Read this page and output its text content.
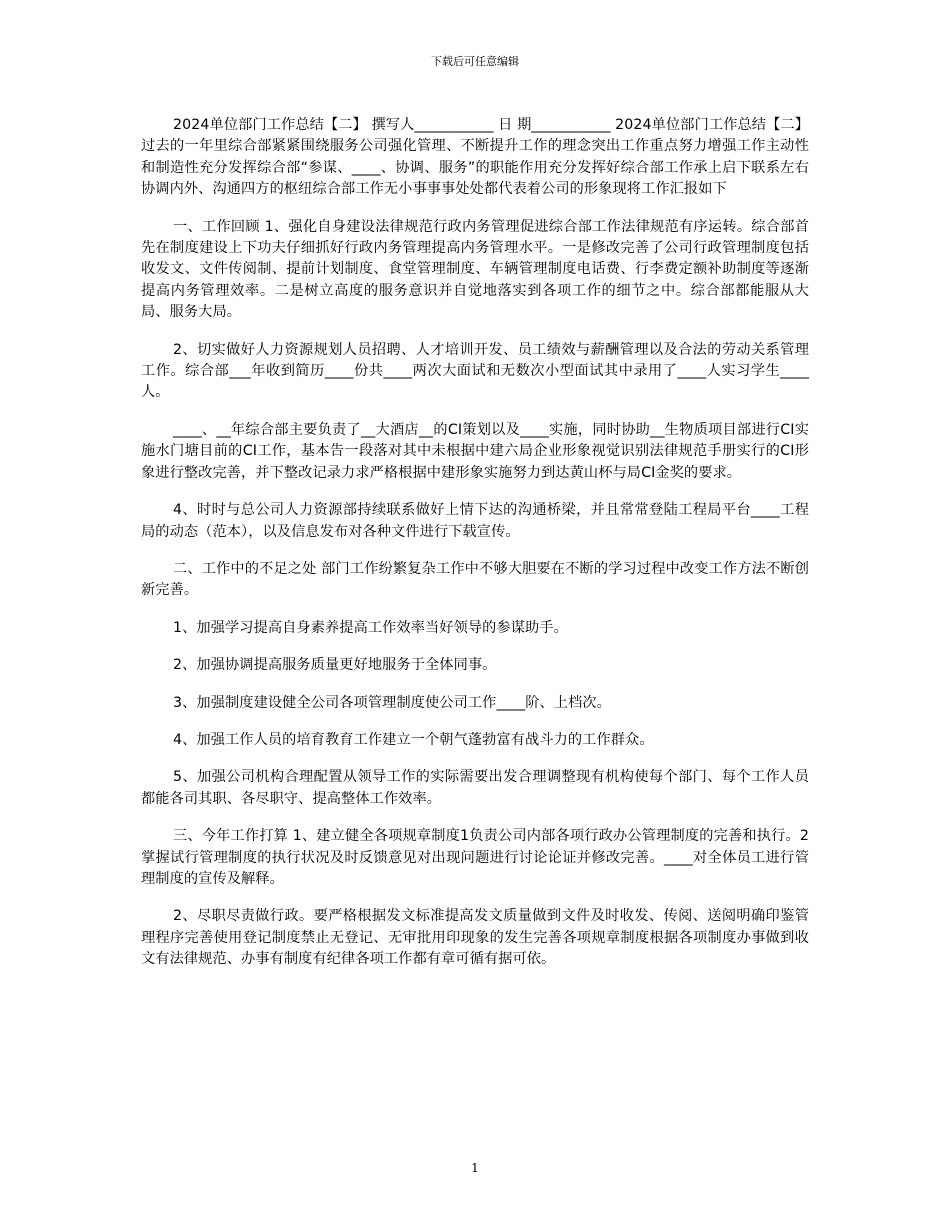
下载后可任意编辑

2024单位部门工作总结【二】 撰写人___________ 日 期___________ 2024单位部门工作总结【二】 过去的一年里综合部紧紧围绕服务公司强化管理、不断提升工作的理念突出工作重点努力增强工作主动性和制造性充分发挥综合部“参谋、____、协调、服务”的职能作用充分发挥好综合部工作承上启下联系左右协调内外、沟通四方的枢纽综合部工作无小事事事处处都代表着公司的形象现将工作汇报如下

一、工作回顾 1、强化自身建设法律规范行政内务管理促进综合部工作法律规范有序运转。综合部首先在制度建设上下功夫仔细抓好行政内务管理提高内务管理水平。一是修改完善了公司行政管理制度包括收发文、文件传阅制、提前计划制度、食堂管理制度、车辆管理制度电话费、行李费定额补助制度等逐渐提高内务管理效率。二是树立高度的服务意识并自觉地落实到各项工作的细节之中。综合部都能服从大局、服务大局。

2、切实做好人力资源规划人员招聘、人才培训开发、员工绩效与薪酬管理以及合法的劳动关系管理工作。综合部___年收到简历____份共____两次大面试和无数次小型面试其中录用了____人实习学生____人。

____、__年综合部主要负责了__大酒店__的CI策划以及____实施，同时协助__生物质项目部进行CI实施水门塘目前的CI工作，基本告一段落对其中未根据中建六局企业形象视觉识别法律规范手册实行的CI形象进行整改完善，并下整改记录力求严格根据中建形象实施努力到达黄山杯与局CI金奖的要求。

4、时时与总公司人力资源部持续联系做好上情下达的沟通桥梁，并且常常登陆工程局平台____工程局的动态（范本），以及信息发布对各种文件进行下载宣传。

二、工作中的不足之处 部门工作纷繁复杂工作中不够大胆要在不断的学习过程中改变工作方法不断创新完善。

1、加强学习提高自身素养提高工作效率当好领导的参谋助手。

2、加强协调提高服务质量更好地服务于全体同事。

3、加强制度建设健全公司各项管理制度使公司工作____阶、上档次。

4、加强工作人员的培育教育工作建立一个朝气蓬勃富有战斗力的工作群众。

5、加强公司机构合理配置从领导工作的实际需要出发合理调整现有机构使每个部门、每个工作人员都能各司其职、各尽职守、提高整体工作效率。

三、今年工作打算 1、建立健全各项规章制度1负责公司内部各项行政办公管理制度的完善和执行。2掌握试行管理制度的执行状况及时反馈意见对出现问题进行讨论论证并修改完善。____对全体员工进行管理制度的宣传及解释。

2、尽职尽责做行政。要严格根据发文标准提高发文质量做到文件及时收发、传阅、送阅明确印鉴管理程序完善使用登记制度禁止无登记、无审批用印现象的发生完善各项规章制度根据各项制度办事做到收文有法律规范、办事有制度有纪律各项工作都有章可循有据可依。

1
